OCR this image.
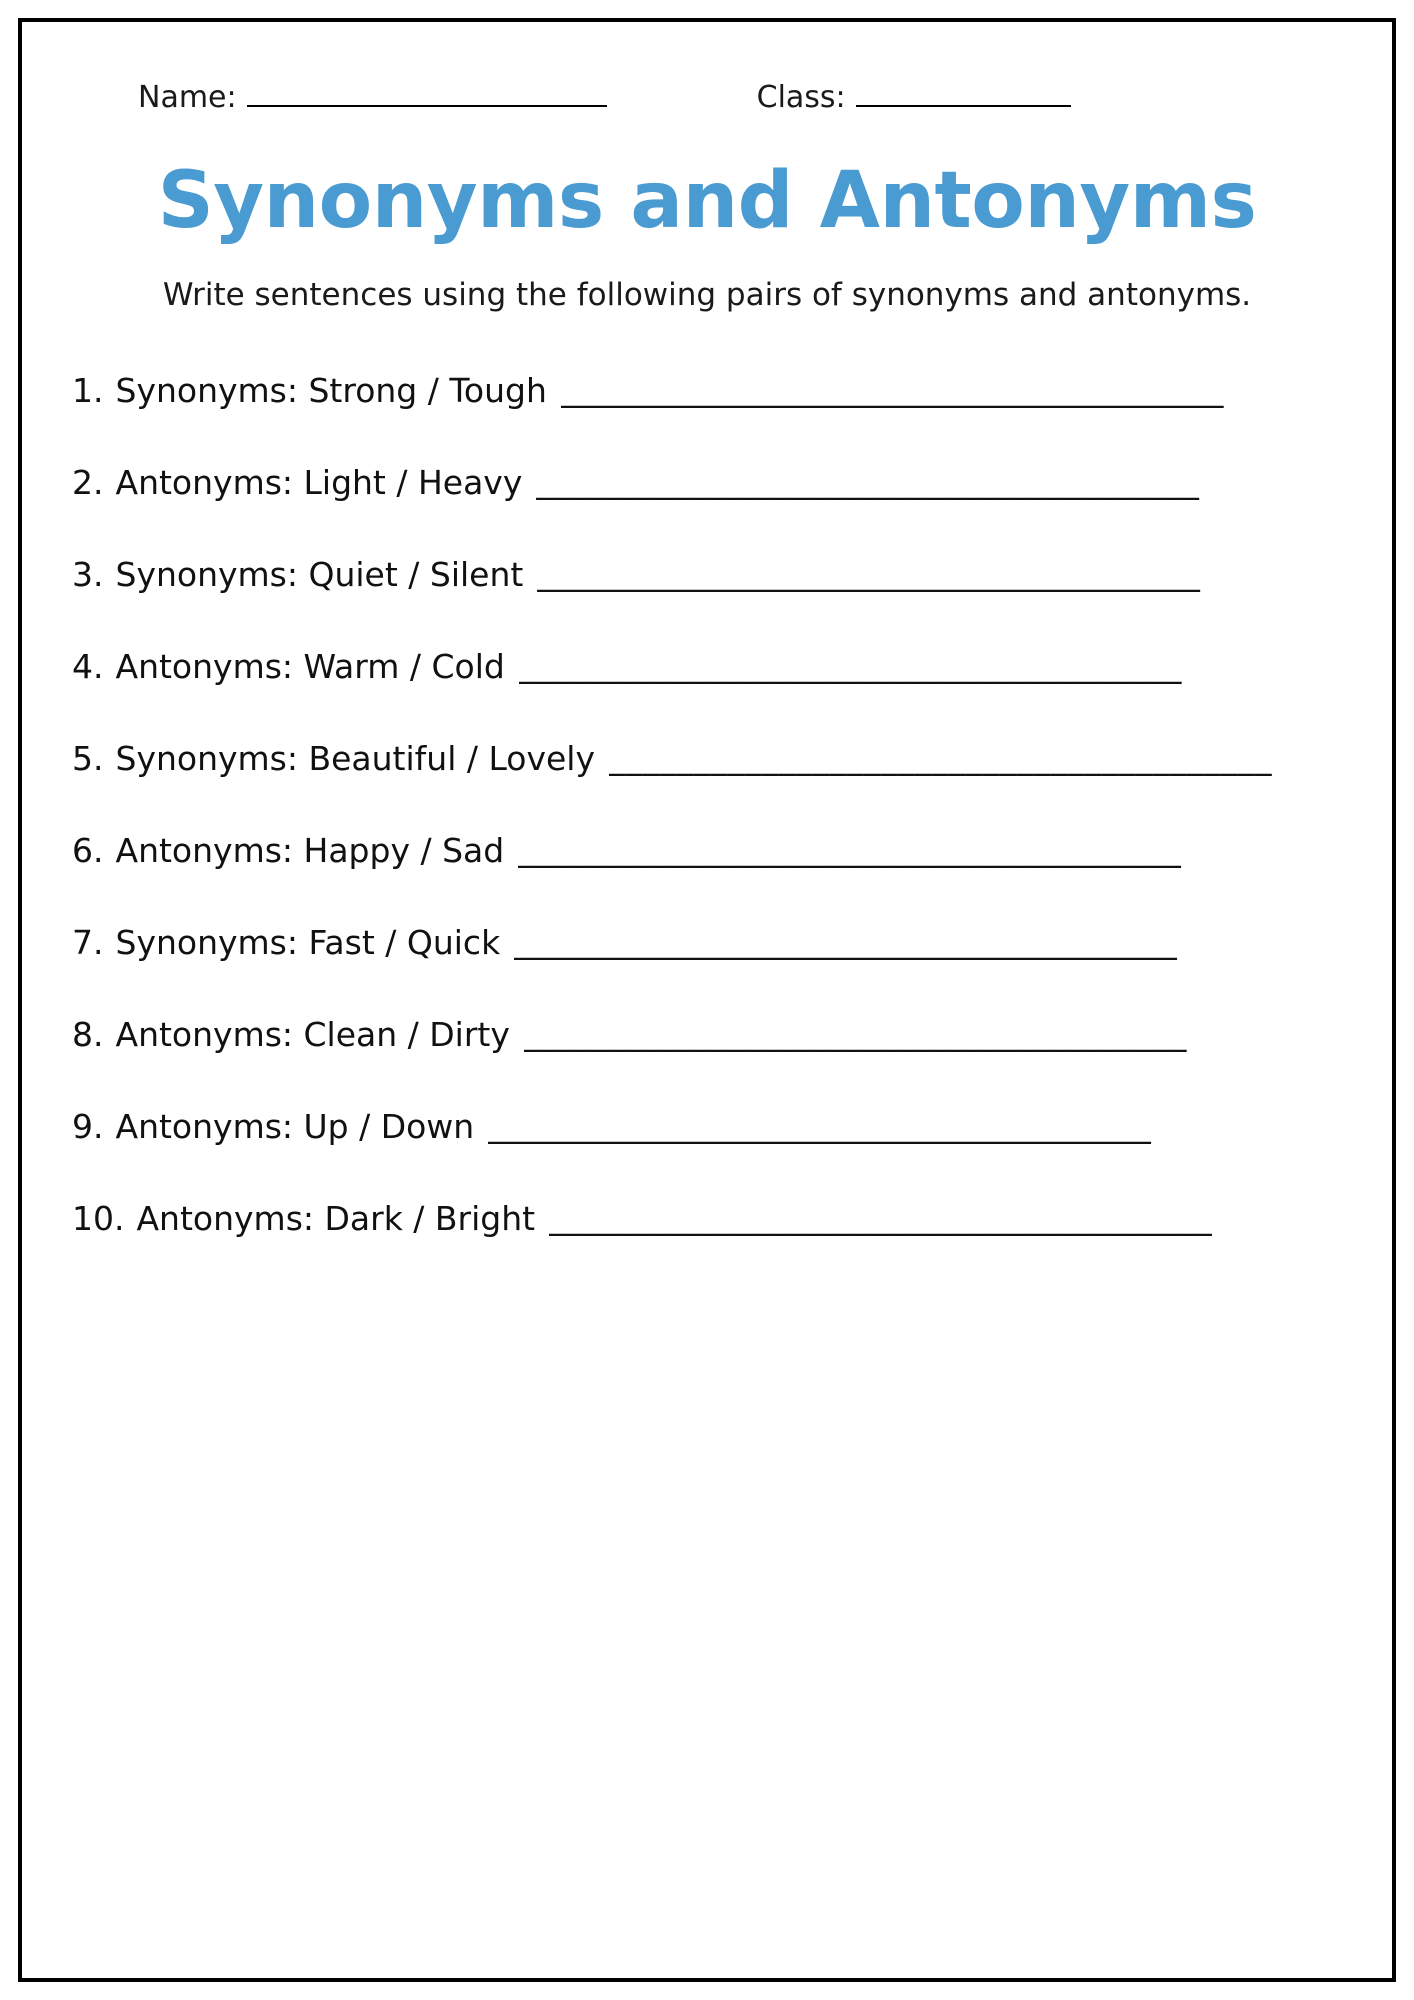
Name:	Class:
Synonyms and Antonyms

Write sentences using the following pairs of synonyms and antonyms.

1. Synonyms: Strong / Tough _______________________________________
2. Antonyms: Light / Heavy _______________________________________
3. Synonyms: Quiet / Silent _______________________________________
4. Antonyms: Warm / Cold _______________________________________
5. Synonyms: Beautiful / Lovely _______________________________________
6. Antonyms: Happy / Sad _______________________________________
7. Synonyms: Fast / Quick _______________________________________
8. Antonyms: Clean / Dirty _______________________________________
9. Antonyms: Up / Down _______________________________________
10. Antonyms: Dark / Bright _______________________________________
